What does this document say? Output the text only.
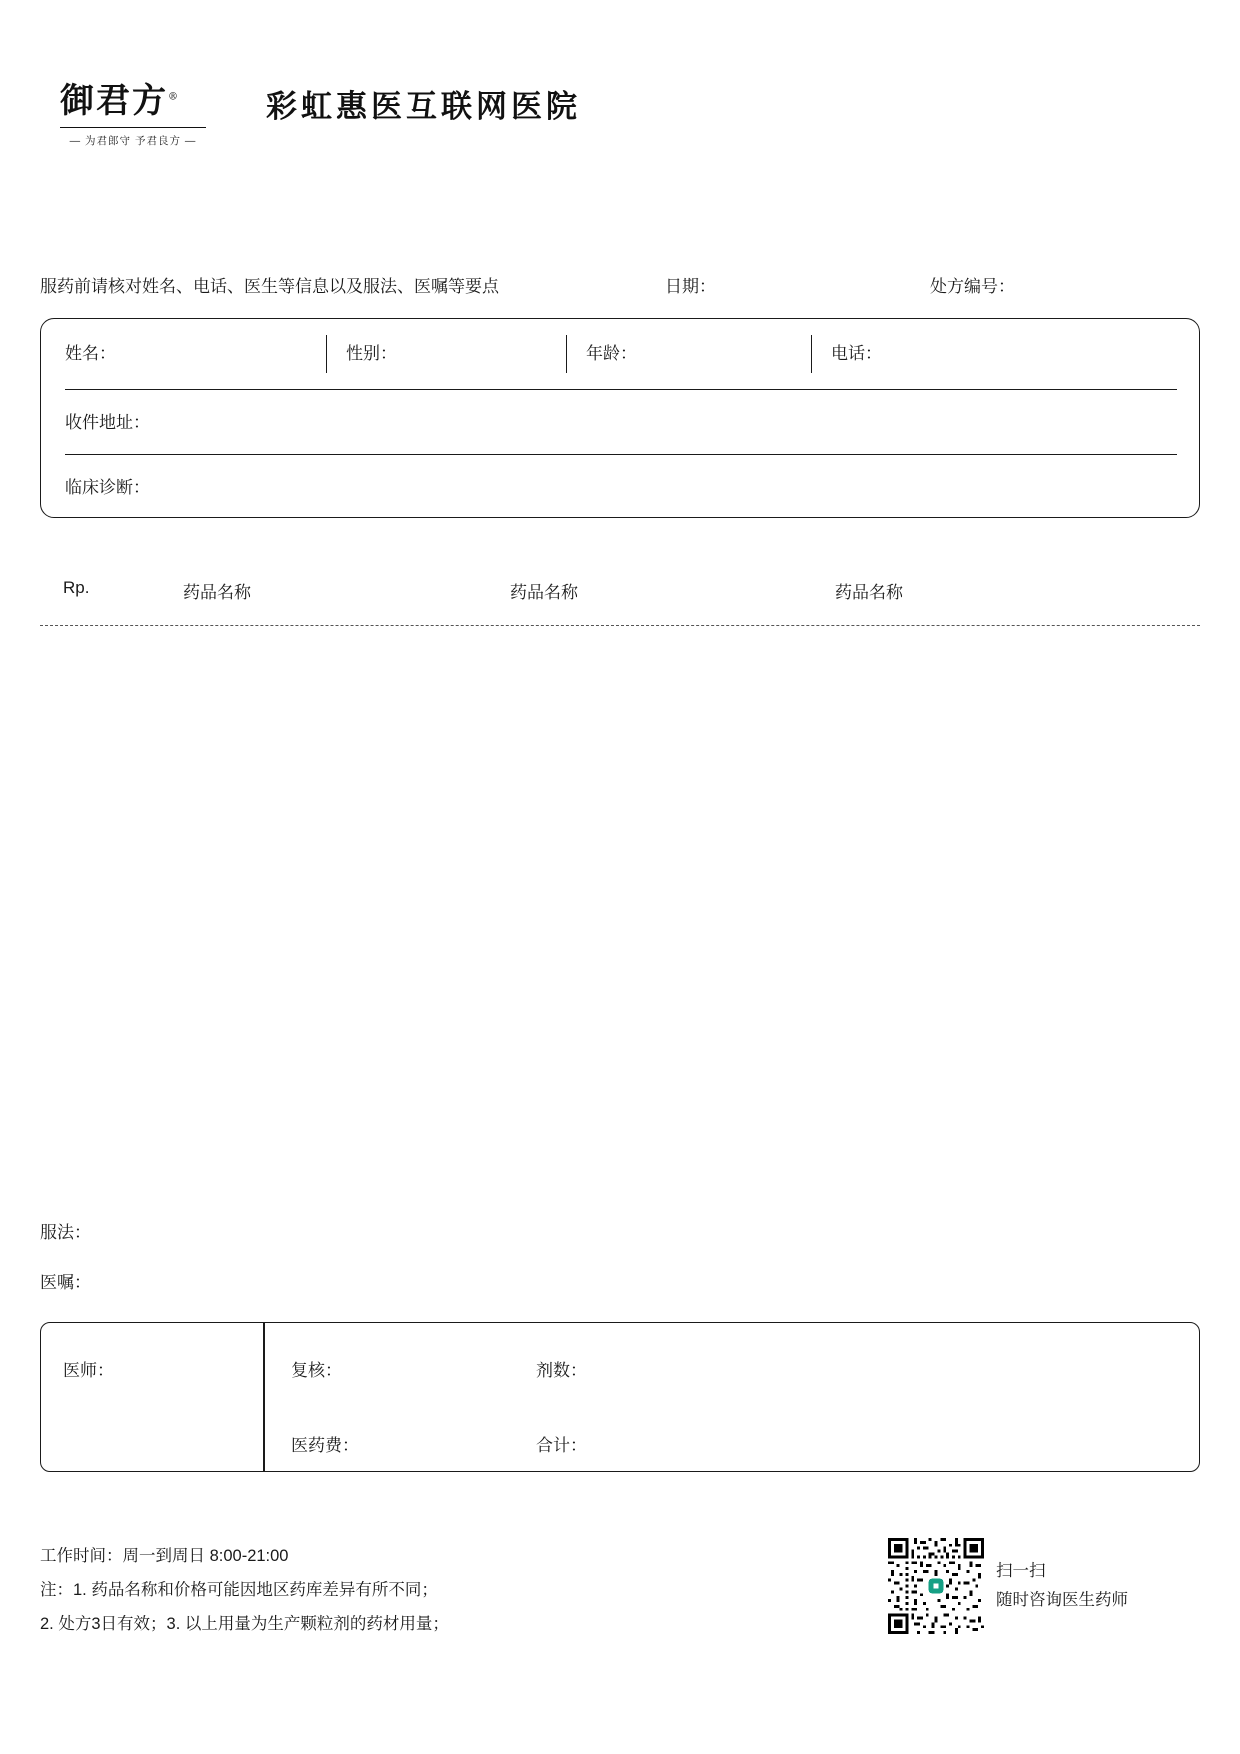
御君方®
— 为君郎守 予君良方 —
彩虹惠医互联网医院
服药前请核对姓名、电话、医生等信息以及服法、医嘱等要点	日期：	处方编号：
姓名：	性别：	年龄：	电话：
收件地址：
临床诊断：
Rp.	药品名称	药品名称	药品名称
服法：
医嘱：
医师：	复核：	剂数：
医药费：	合计：
工作时间：周一到周日 8:00-21:00
注：1. 药品名称和价格可能因地区药库差异有所不同；
2. 处方3日有效；3. 以上用量为生产颗粒剂的药材用量；
扫一扫
随时咨询医生药师
